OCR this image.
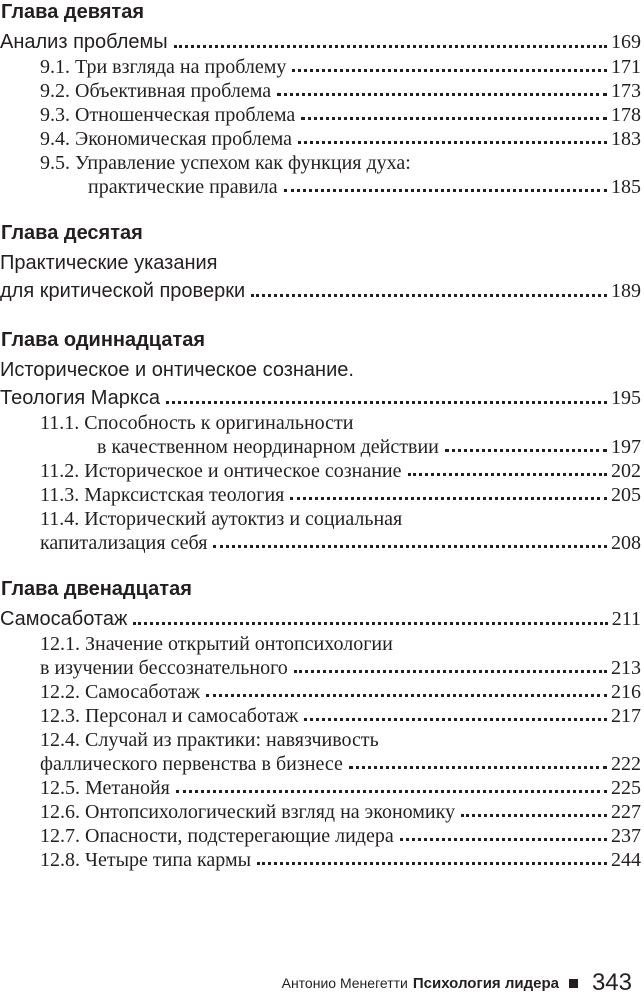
Глава девятая
Анализ проблемы	169
9.1. Три взгляда на проблему	171
9.2. Объективная проблема	173
9.3. Отношенческая проблема	178
9.4. Экономическая проблема	183
9.5. Управление успехом как функция духа:
практические правила	185
Глава десятая
Практические указания
для критической проверки	189
Глава одиннадцатая
Историческое и онтическое сознание.
Теология Маркса	195
11.1. Способность к оригинальности
в качественном неординарном действии	197
11.2. Историческое и онтическое сознание	202
11.3. Марксистская теология	205
11.4. Исторический аутоктиз и социальная
капитализация себя	208
Глава двенадцатая
Самосаботаж	211
12.1. Значение открытий онтопсихологии
в изучении бессознательного	213
12.2. Самосаботаж	216
12.3. Персонал и самосаботаж	217
12.4. Случай из практики: навязчивость
фаллического первенства в бизнесе	222
12.5. Метанойя	225
12.6. Онтопсихологический взгляд на экономику	227
12.7. Опасности, подстерегающие лидера	237
12.8. Четыре типа кармы	244
Антонио Менегетти Психология лидера 343
